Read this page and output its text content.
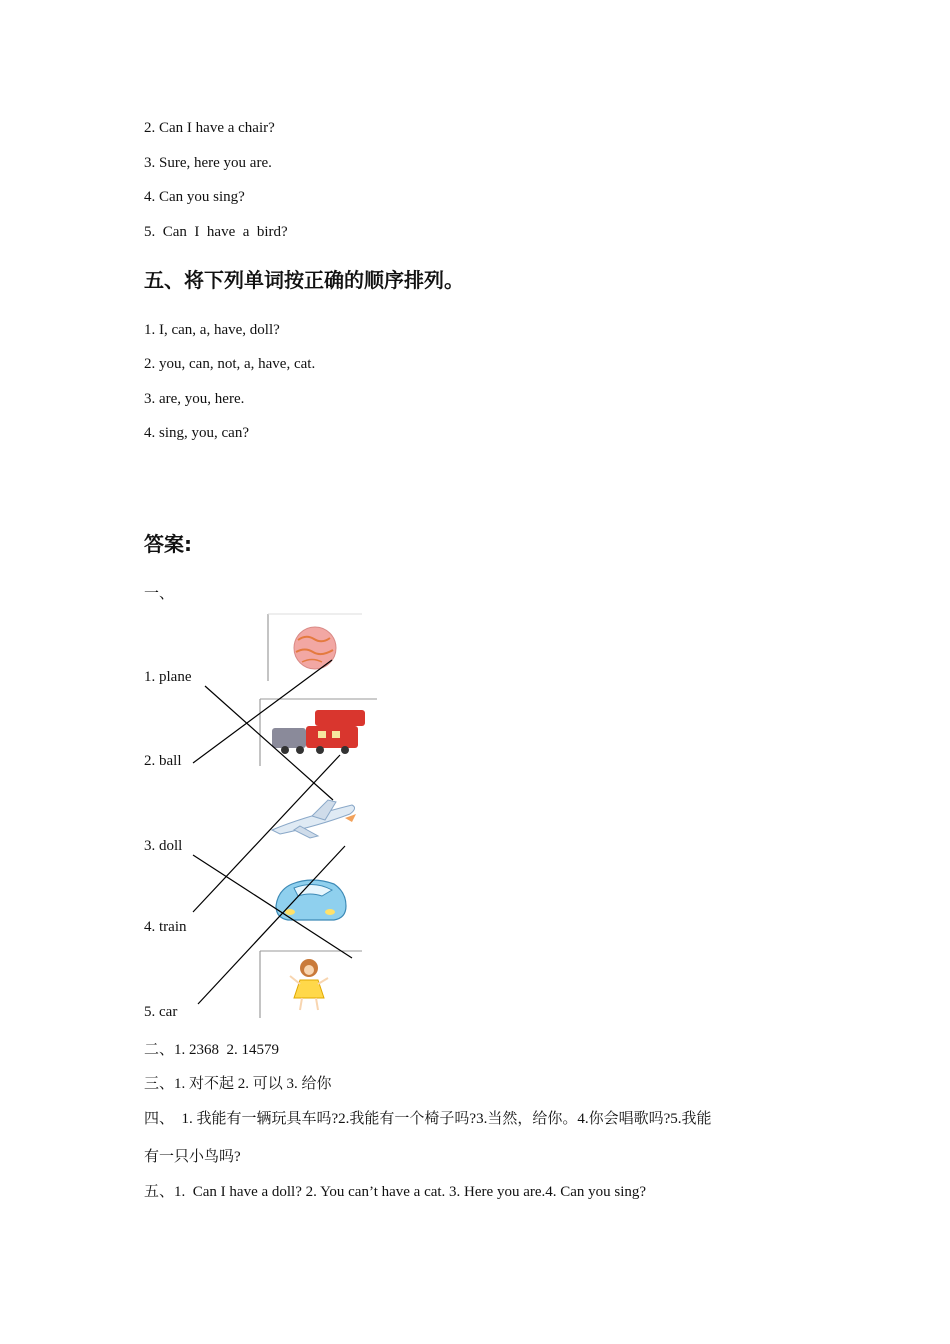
2. Can I have a chair?
3. Sure, here you are.
4. Can you sing?
5.  Can  I  have  a  bird?
五、将下列单词按正确的顺序排列。
1. I, can, a, have, doll?
2. you, can, not, a, have, cat.
3. are, you, here.
4. sing, you, can?
答案:
一、
1. plane
2. ball
3. doll
4. train
5. car
二、1. 2368  2. 14579
三、1. 对不起 2. 可以 3. 给你
四、  1. 我能有一辆玩具车吗?2.我能有一个椅子吗?3.当然，给你。4.你会唱歌吗?5.我能
有一只小鸟吗?
五、1.  Can I have a doll? 2. You can’t have a cat. 3. Here you are.4. Can you sing?
